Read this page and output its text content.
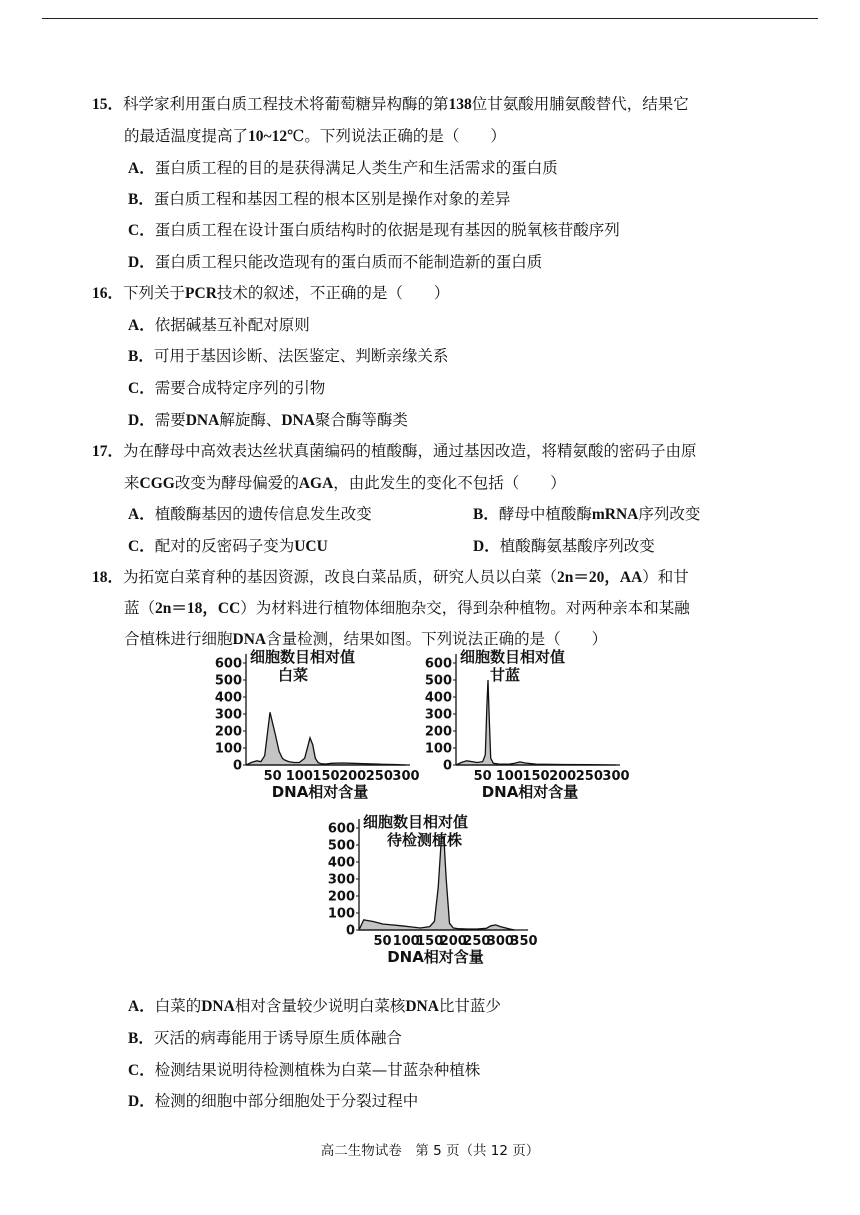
15．科学家利用蛋白质工程技术将葡萄糖异构酶的第138位甘氨酸用脯氨酸替代，结果它
的最适温度提高了10~12℃。下列说法正确的是（　　）
A．蛋白质工程的目的是获得满足人类生产和生活需求的蛋白质
B．蛋白质工程和基因工程的根本区别是操作对象的差异
C．蛋白质工程在设计蛋白质结构时的依据是现有基因的脱氧核苷酸序列
D．蛋白质工程只能改造现有的蛋白质而不能制造新的蛋白质
16．下列关于PCR技术的叙述，不正确的是（　　）
A．依据碱基互补配对原则
B．可用于基因诊断、法医鉴定、判断亲缘关系
C．需要合成特定序列的引物
D．需要DNA解旋酶、DNA聚合酶等酶类
17．为在酵母中高效表达丝状真菌编码的植酸酶，通过基因改造，将精氨酸的密码子由原
来CGG改变为酵母偏爱的AGA，由此发生的变化不包括（　　）
A．植酸酶基因的遗传信息发生改变	B．酵母中植酸酶mRNA序列改变
C．配对的反密码子变为UCU	D．植酸酶氨基酸序列改变
18．为拓宽白菜育种的基因资源，改良白菜品质，研究人员以白菜（2n＝20，AA）和甘
蓝（2n＝18，CC）为材料进行植物体细胞杂交，得到杂种植物。对两种亲本和某融
合植株进行细胞DNA含量检测，结果如图。下列说法正确的是（　　）
600
500
400
300
200
100
0
50 100 150 200 250 300
细胞数目相对值
白菜
DNA相对含量
600
500
400
300
200
100
0
50 100 150 200 250 300
细胞数目相对值
甘蓝
DNA相对含量
600
500
400
300
200
100
0
50 100
150
200
250
300
350
细胞数目相对值
待检测植株
DNA相对含量
A．白菜的DNA相对含量较少说明白菜核DNA比甘蓝少
B．灭活的病毒能用于诱导原生质体融合
C．检测结果说明待检测植株为白菜—甘蓝杂种植株
D．检测的细胞中部分细胞处于分裂过程中
高二生物试卷　第 5 页（共 12 页）
